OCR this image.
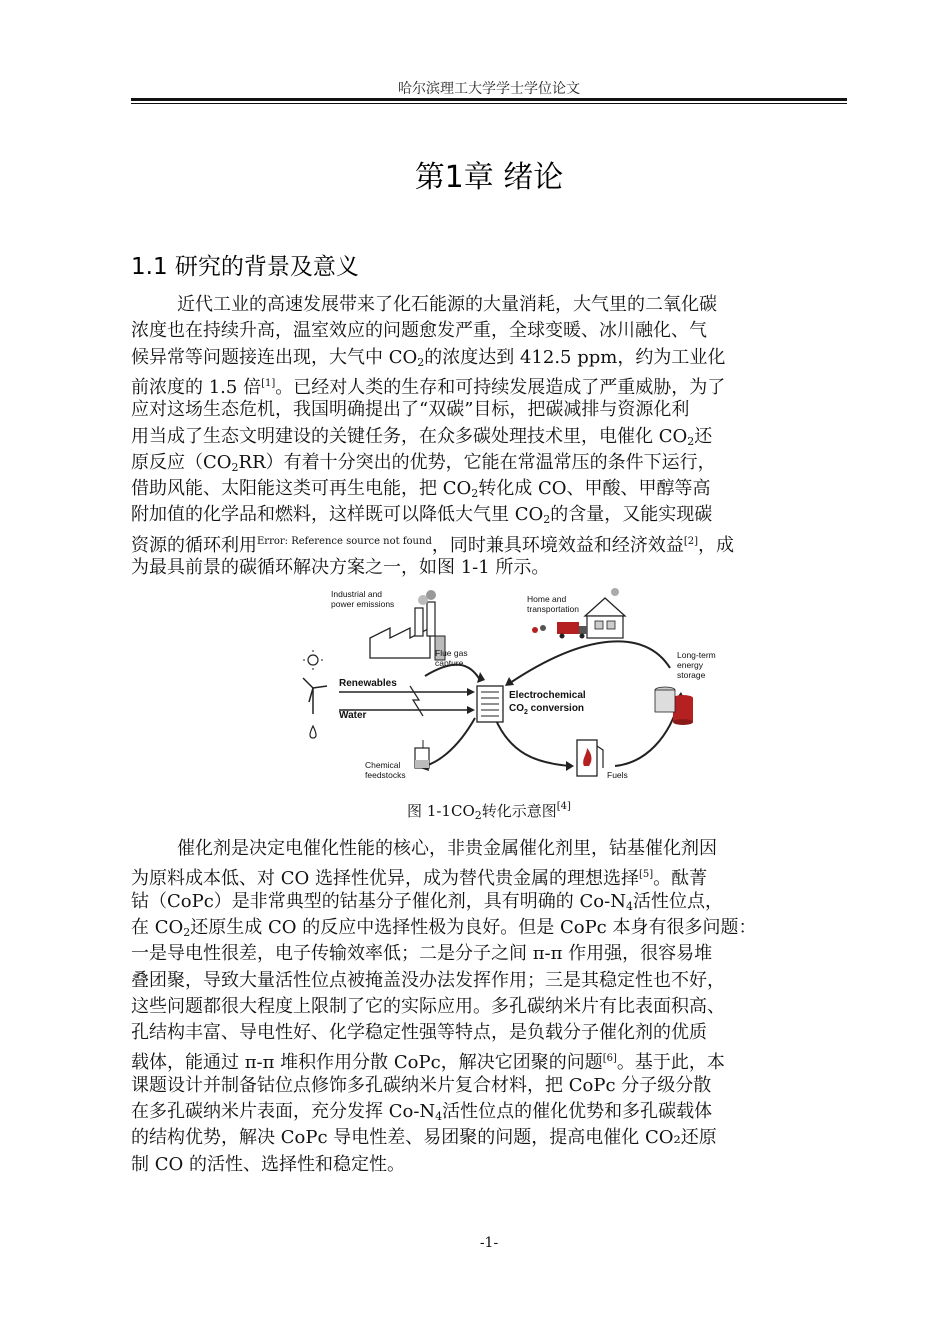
哈尔滨理工大学学士学位论文
第1章 绪论
1.1 研究的背景及意义
近代工业的高速发展带来了化石能源的大量消耗，大气里的二氧化碳
浓度也在持续升高，温室效应的问题愈发严重，全球变暖、冰川融化、气
候异常等问题接连出现，大气中 $CO_2$的浓度达到 412.5 ppm，约为工业化
前浓度的 1.5 倍[1]。已经对人类的生存和可持续发展造成了严重威胁，为了
应对这场生态危机，我国明确提出了“双碳”目标，把碳减排与资源化利
用当成了生态文明建设的关键任务，在众多碳处理技术里，电催化 $CO_2$还
原反应$(CO_2RR)$有着十分突出的优势，它能在常温常压的条件下运行，
借助风能、太阳能这类可再生电能，把 $CO_2$转化成 CO、甲酸、甲醇等高
附加值的化学品和燃料，这样既可以降低大气里 $CO_2$的含量，又能实现碳
资源的循环利用$^{Error: Reference source not found}$，同时兼具环境效益和经济效益[2]，成
为最具前景的碳循环解决方案之一，如图 1-1 所示。
Industrial and
power emissions
Flue gas
capture
Home and
transportation
Electrochemical
$CO_2$ conversion
Renewables
Water
Long-term
energy
storage
Chemical
feedstocks	Fuels
图 $1-1CO_2$转化示意图[4]
催化剂是决定电催化性能的核心，非贵金属催化剂里，钴基催化剂因
为原料成本低、对 CO 选择性优异，成为替代贵金属的理想选择[5]。酞菁
钴（CoPc）是非常典型的钴基分子催化剂，具有明确的 $Co-N_4$活性位点，
在 $CO_2$还原生成 CO 的反应中选择性极为良好。但是 CoPc 本身有很多问题：
一是导电性很差，电子传输效率低；二是分子之间 π-π 作用强，很容易堆
叠团聚，导致大量活性位点被掩盖没办法发挥作用；三是其稳定性也不好，
这些问题都很大程度上限制了它的实际应用。多孔碳纳米片有比表面积高、
孔结构丰富、导电性好、化学稳定性强等特点，是负载分子催化剂的优质
载体，能通过 π-π 堆积作用分散 CoPc，解决它团聚的问题[6]。基于此，本
课题设计并制备钴位点修饰多孔碳纳米片复合材料，把 CoPc 分子级分散
在多孔碳纳米片表面，充分发挥 $Co-N_4$活性位点的催化优势和多孔碳载体
的结构优势，解决 CoPc 导电性差、易团聚的问题，提高电催化 CO₂还原
制 CO 的活性、选择性和稳定性。
-1-
